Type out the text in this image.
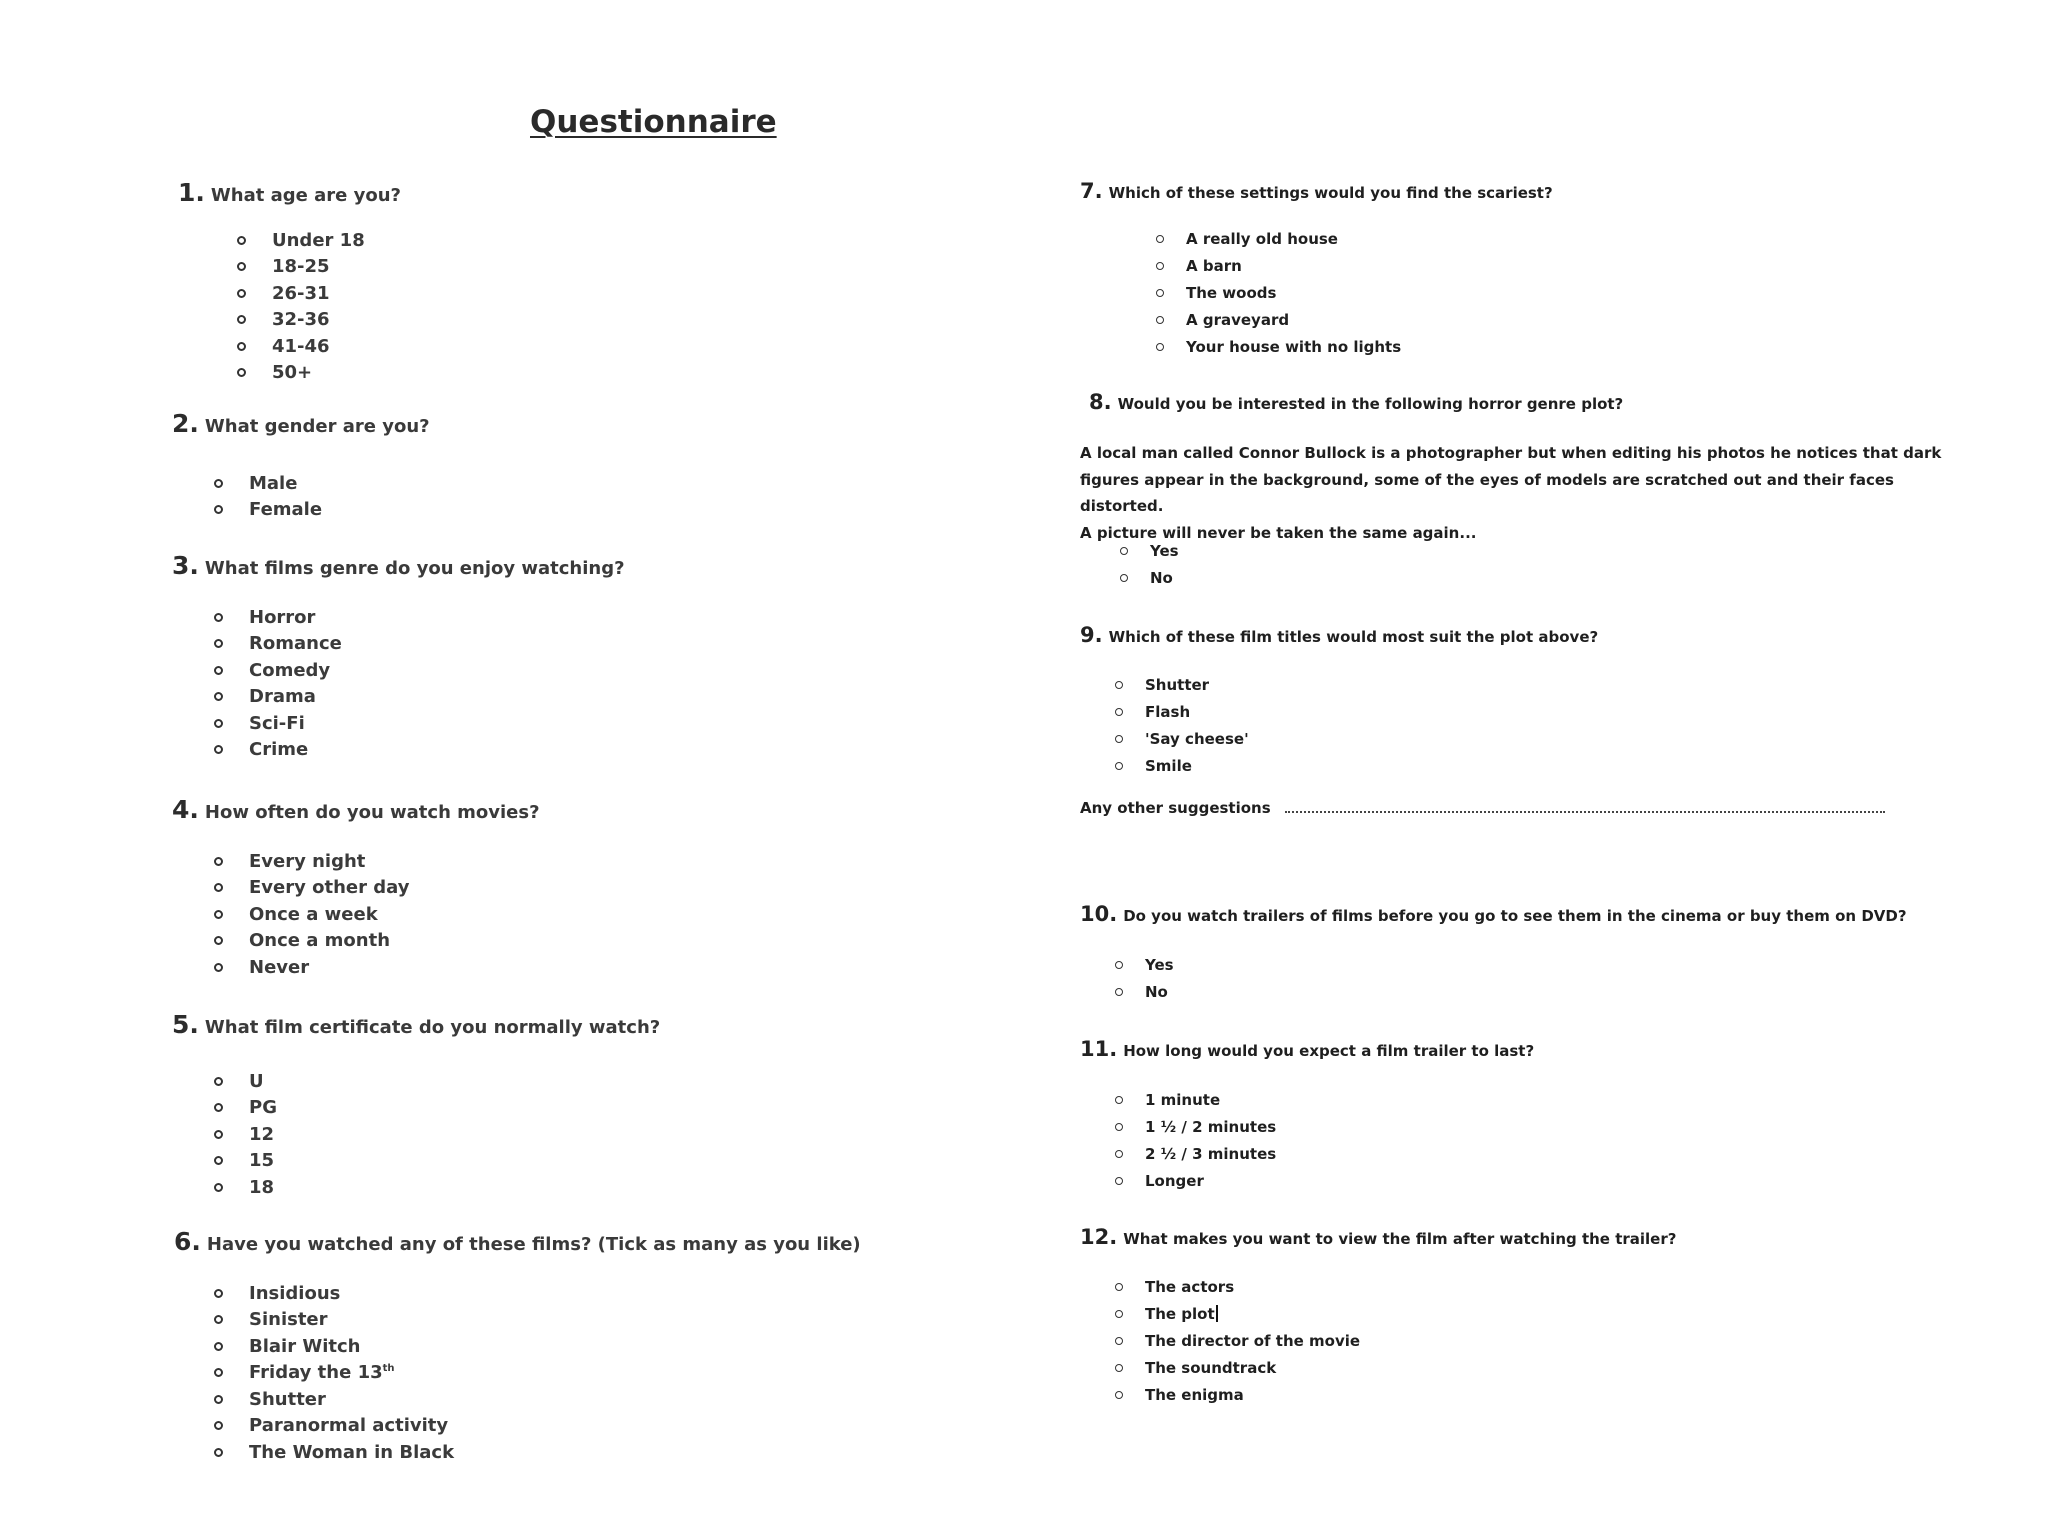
Questionnaire
1. What age are you?
Under 18
18-25
26-31
32-36
41-46
50+
2. What gender are you?
Male
Female
3. What films genre do you enjoy watching?
Horror
Romance
Comedy
Drama
Sci-Fi
Crime
4. How often do you watch movies?
Every night
Every other day
Once a week
Once a month
Never
5. What film certificate do you normally watch?
U
PG
12
15
18
6. Have you watched any of these films? (Tick as many as you like)
Insidious
Sinister
Blair Witch
Friday the 13th
Shutter
Paranormal activity
The Woman in Black
7. Which of these settings would you find the scariest?
A really old house
A barn
The woods
A graveyard
Your house with no lights
8. Would you be interested in the following horror genre plot?
A local man called Connor Bullock is a photographer but when editing his photos he notices that dark
figures appear in the background, some of the eyes of models are scratched out and their faces distorted.
A picture will never be taken the same again...
Yes
No
9. Which of these film titles would most suit the plot above?
Shutter
Flash
'Say cheese'
Smile
Any other suggestions
10. Do you watch trailers of films before you go to see them in the cinema or buy them on DVD?
Yes
No
11. How long would you expect a film trailer to last?
1 minute
1 ½ / 2 minutes
2 ½ / 3 minutes
Longer
12. What makes you want to view the film after watching the trailer?
The actors
The plot
The director of the movie
The soundtrack
The enigma
